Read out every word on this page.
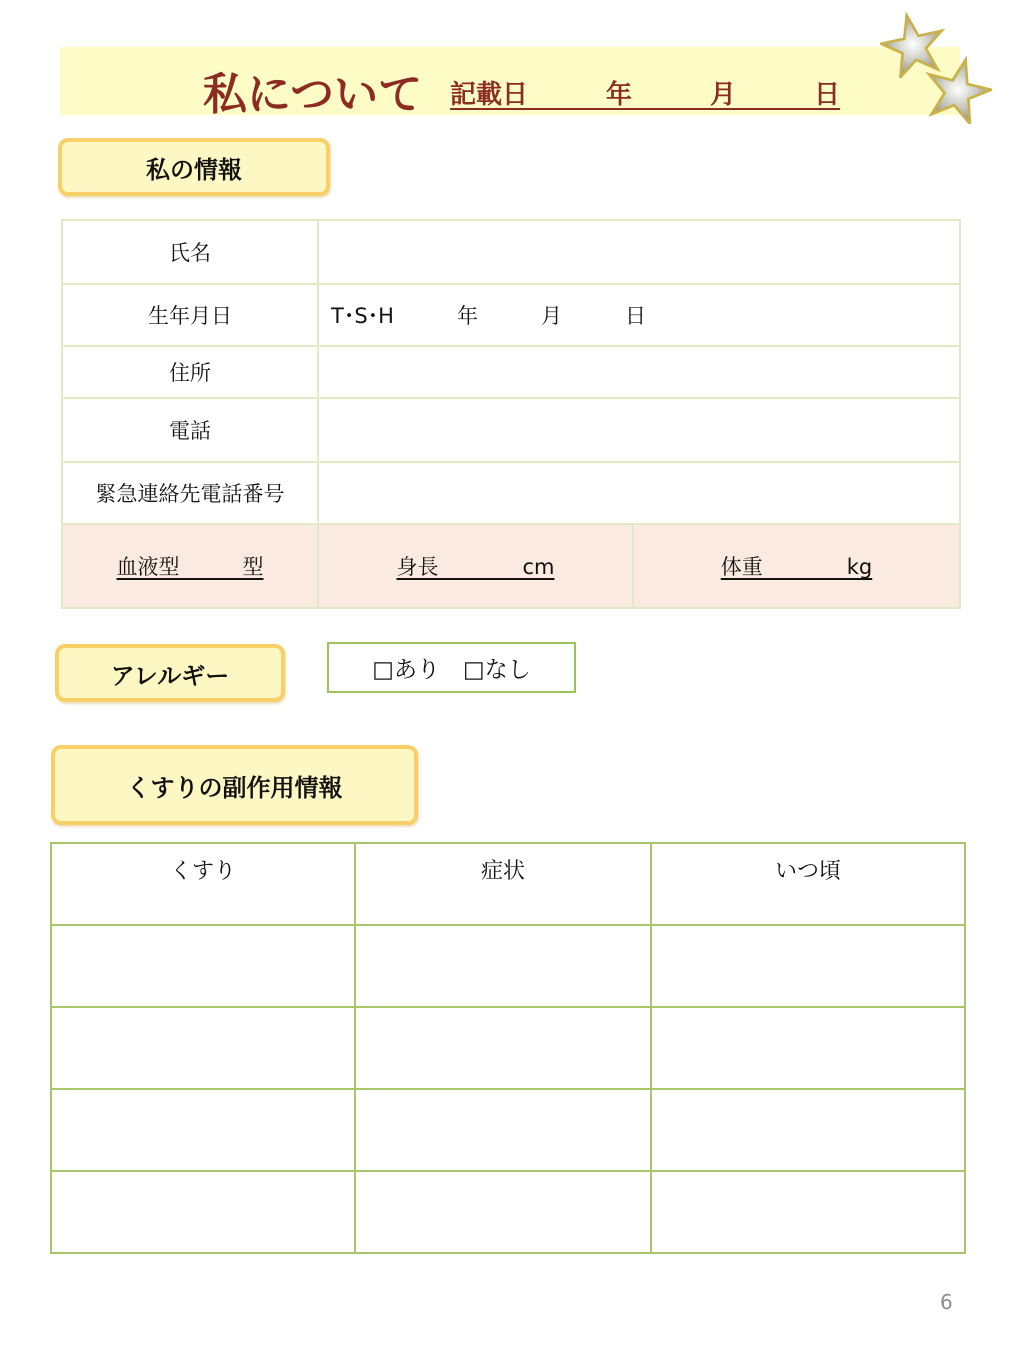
私について 記載日　　　年　　　月　　　日
私の情報
氏名		
生年月日	T･S･H　　　年　　　月　　　日	
住所		
電話		
緊急連絡先電話番号		
血液型　　　型	身長　　　　cm	体重　　　　kg
アレルギー	□あり　□なし
くすりの副作用情報
くすり	症状	いつ頃

6
